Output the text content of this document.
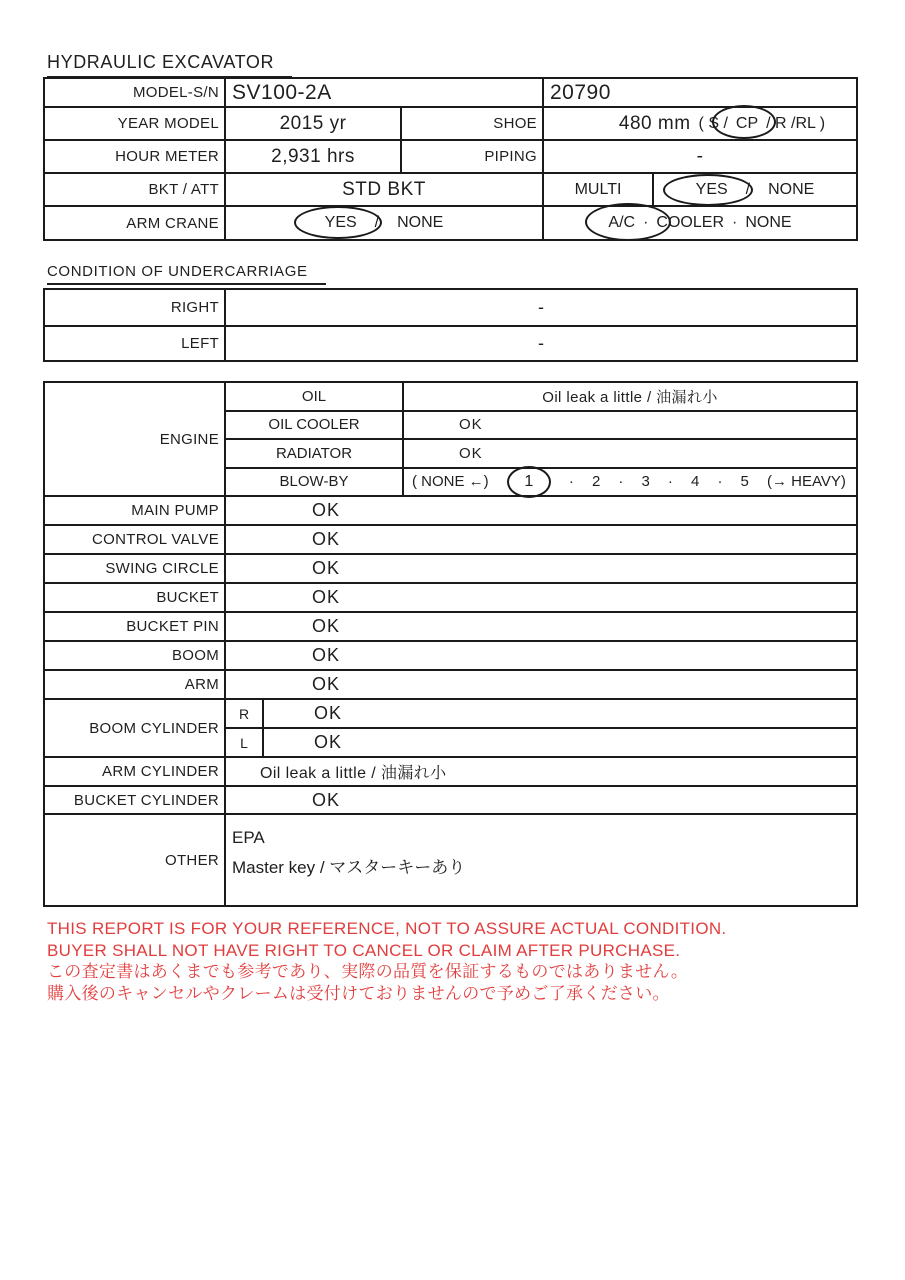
HYDRAULIC EXCAVATOR
MODEL-S/N SV100-2A	20790
YEAR MODEL	2015 yr	SHOE	480 mm ( S / CP / R /RL )
HOUR METER	2,931 hrs	PIPING	-
BKT / ATT	STD BKT	MULTI	YES / NONE
ARM CRANE	YES / NONE	A/C · COOLER · NONE
CONDITION OF UNDERCARRIAGE
RIGHT	-
LEFT	-
ENGINE
OIL	Oil leak a little / 油漏れ小
OIL COOLER	OK
RADIATOR	OK
BLOW-BY	( NONE ←)	1	· 2 · 3 · 4 · 5 (→ HEAVY)
MAIN PUMP	OK
CONTROL VALVE	OK
SWING CIRCLE	OK
BUCKET	OK
BUCKET PIN	OK
BOOM	OK
ARM	OK
BOOM CYLINDER
R	OK
L	OK
ARM CYLINDER	Oil leak a little / 油漏れ小
BUCKET CYLINDER	OK
OTHER
EPA
Master key / マスターキーあり
THIS REPORT IS FOR YOUR REFERENCE, NOT TO ASSURE ACTUAL CONDITION.
BUYER SHALL NOT HAVE RIGHT TO CANCEL OR CLAIM AFTER PURCHASE.
この査定書はあくまでも参考であり、実際の品質を保証するものではありません。
購入後のキャンセルやクレームは受付けておりませんので予めご了承ください。
